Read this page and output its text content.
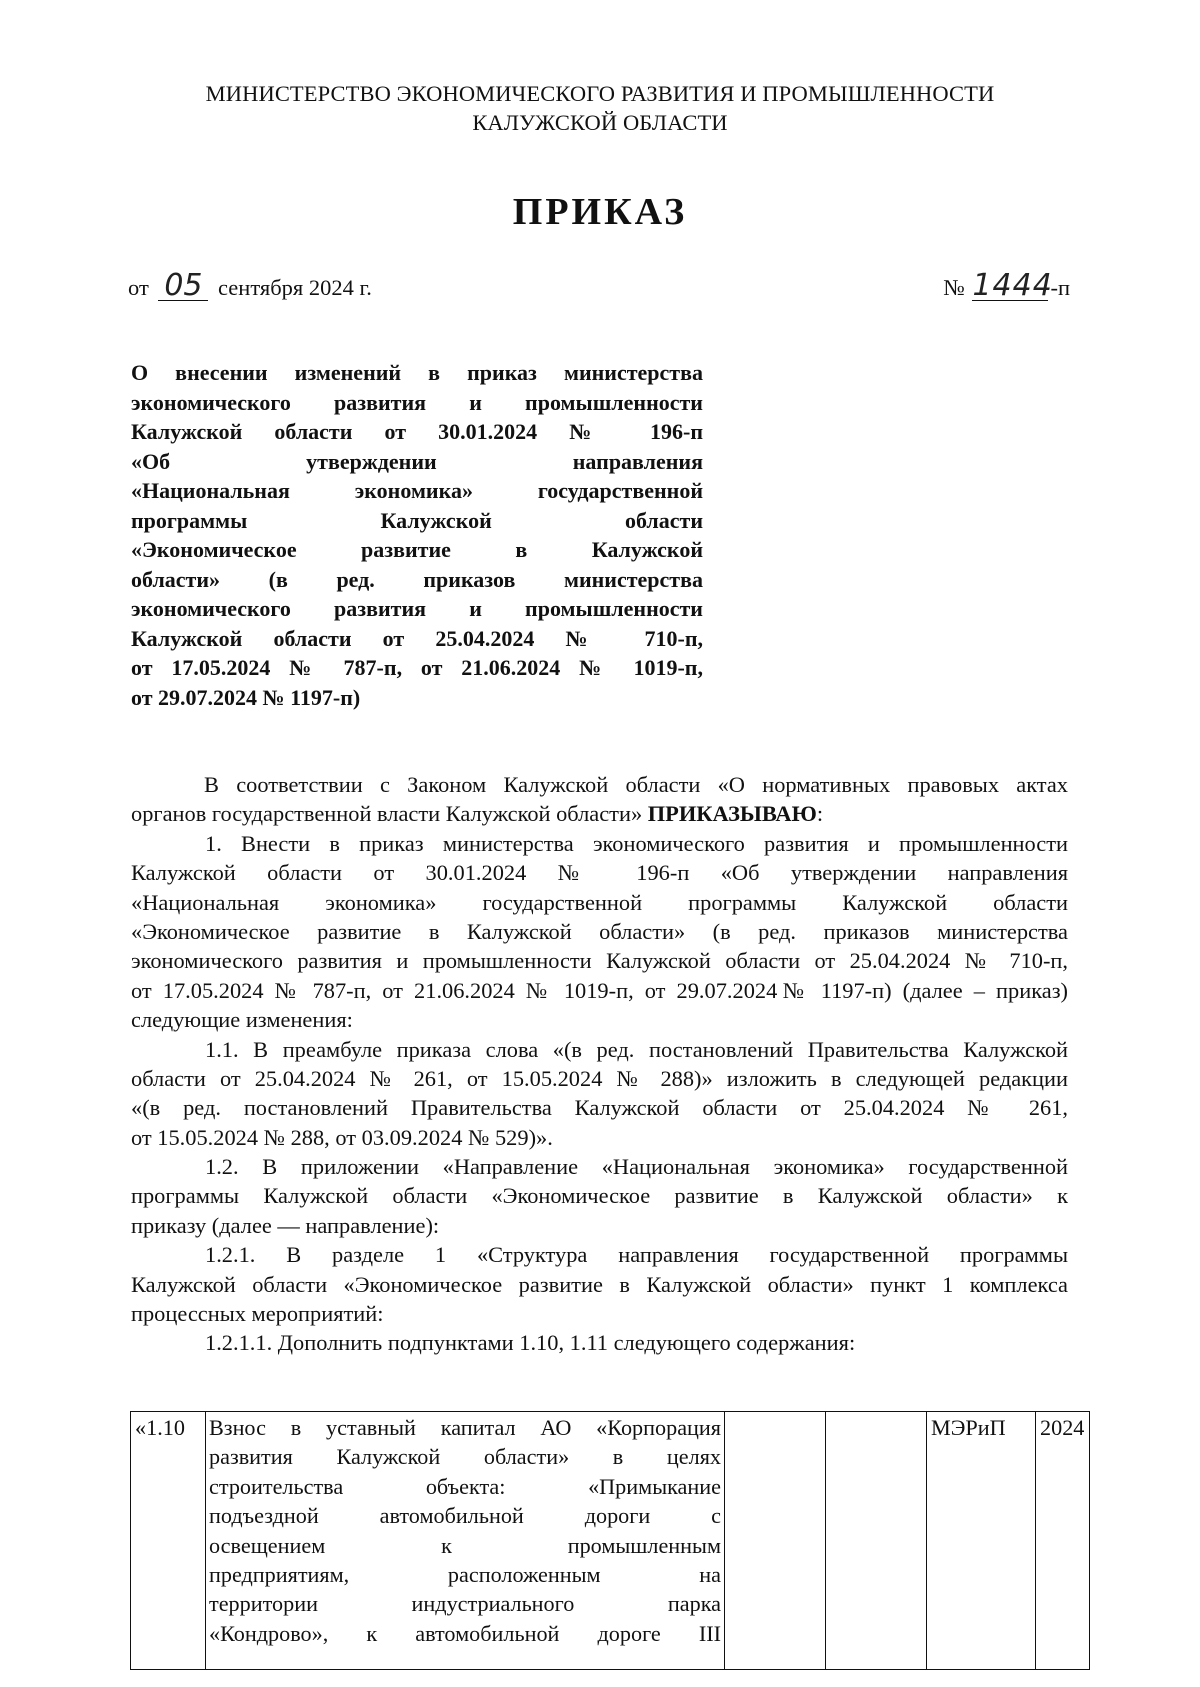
МИНИСТЕРСТВО ЭКОНОМИЧЕСКОГО РАЗВИТИЯ И ПРОМЫШЛЕННОСТИ
КАЛУЖСКОЙ ОБЛАСТИ
ПРИКАЗ
от 05 сентября 2024 г.	№ 1444-п
О внесении изменений в приказ министерства
экономического развития и промышленности
Калужской области от 30.01.2024 № 196-п
«Об утверждении направления
«Национальная экономика» государственной
программы Калужской области
«Экономическое развитие в Калужской
области» (в ред. приказов министерства
экономического развития и промышленности
Калужской области от 25.04.2024 № 710-п,
от 17.05.2024 № 787-п, от 21.06.2024 № 1019-п,
от 29.07.2024 № 1197-п)
В соответствии с Законом Калужской области «О нормативных правовых актах
органов государственной власти Калужской области» ПРИКАЗЫВАЮ:
1. Внести в приказ министерства экономического развития и промышленности
Калужской области от 30.01.2024 № 196-п «Об утверждении направления
«Национальная экономика» государственной программы Калужской области
«Экономическое развитие в Калужской области» (в ред. приказов министерства
экономического развития и промышленности Калужской области от 25.04.2024 № 710-п,
от 17.05.2024 № 787-п, от 21.06.2024 № 1019-п, от 29.07.2024№ 1197-п) (далее – приказ)
следующие изменения:
1.1. В преамбуле приказа слова «(в ред. постановлений Правительства Калужской
области от 25.04.2024 № 261, от 15.05.2024 № 288)» изложить в следующей редакции
«(в ред. постановлений Правительства Калужской области от 25.04.2024 № 261,
от 15.05.2024 № 288, от 03.09.2024 № 529)».
1.2. В приложении «Направление «Национальная экономика» государственной
программы Калужской области «Экономическое развитие в Калужской области» к
приказу (далее — направление):
1.2.1. В разделе 1 «Структура направления государственной программы
Калужской области «Экономическое развитие в Калужской области» пункт 1 комплекса
процессных мероприятий:
1.2.1.1. Дополнить подпунктами 1.10, 1.11 следующего содержания:
«1.10	Взнос в уставный капитал АО «Корпорация
развития Калужской области» в целях
строительства объекта: «Примыкание
подъездной автомобильной дороги с
освещением к промышленным
предприятиям, расположенным на
территории индустриального парка
«Кондрово», к автомобильной дороге III
			МЭРиП	2024
